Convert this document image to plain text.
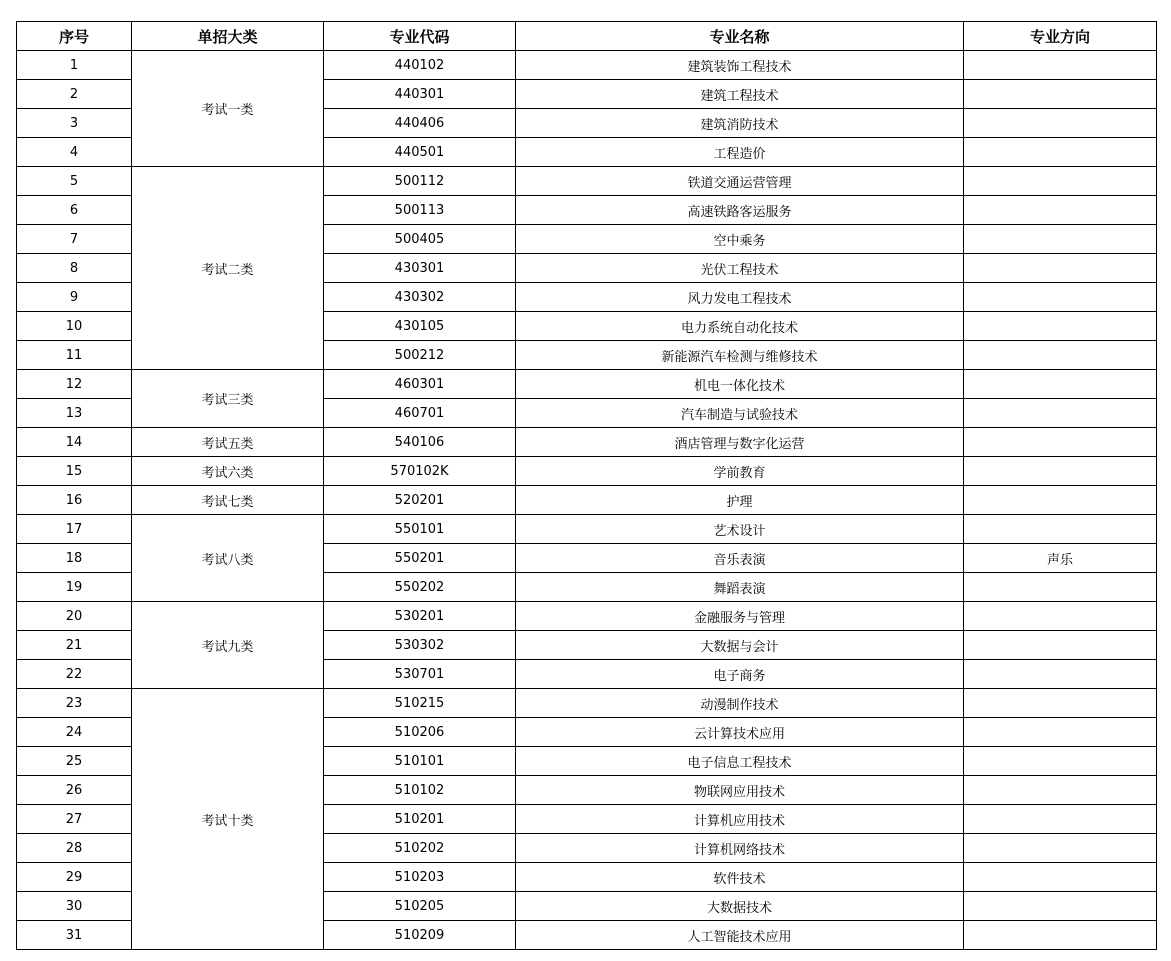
序号	单招大类	专业代码	专业名称	专业方向
1	考试一类	440102	建筑装饰工程技术	
2		440301	建筑工程技术	
3		440406	建筑消防技术	
4		440501	工程造价	
5	考试二类	500112	铁道交通运营管理	
6		500113	高速铁路客运服务	
7		500405	空中乘务	
8		430301	光伏工程技术	
9		430302	风力发电工程技术	
10		430105	电力系统自动化技术	
11		500212	新能源汽车检测与维修技术	
12	考试三类	460301	机电一体化技术	
13		460701	汽车制造与试验技术	
14	考试五类	540106	酒店管理与数字化运营	
15	考试六类	570102K	学前教育	
16	考试七类	520201	护理	
17	考试八类	550101	艺术设计	
18		550201	音乐表演	声乐
19		550202	舞蹈表演	
20	考试九类	530201	金融服务与管理	
21		530302	大数据与会计	
22		530701	电子商务	
23	考试十类	510215	动漫制作技术	
24		510206	云计算技术应用	
25		510101	电子信息工程技术	
26		510102	物联网应用技术	
27		510201	计算机应用技术	
28		510202	计算机网络技术	
29		510203	软件技术	
30		510205	大数据技术	
31		510209	人工智能技术应用	
